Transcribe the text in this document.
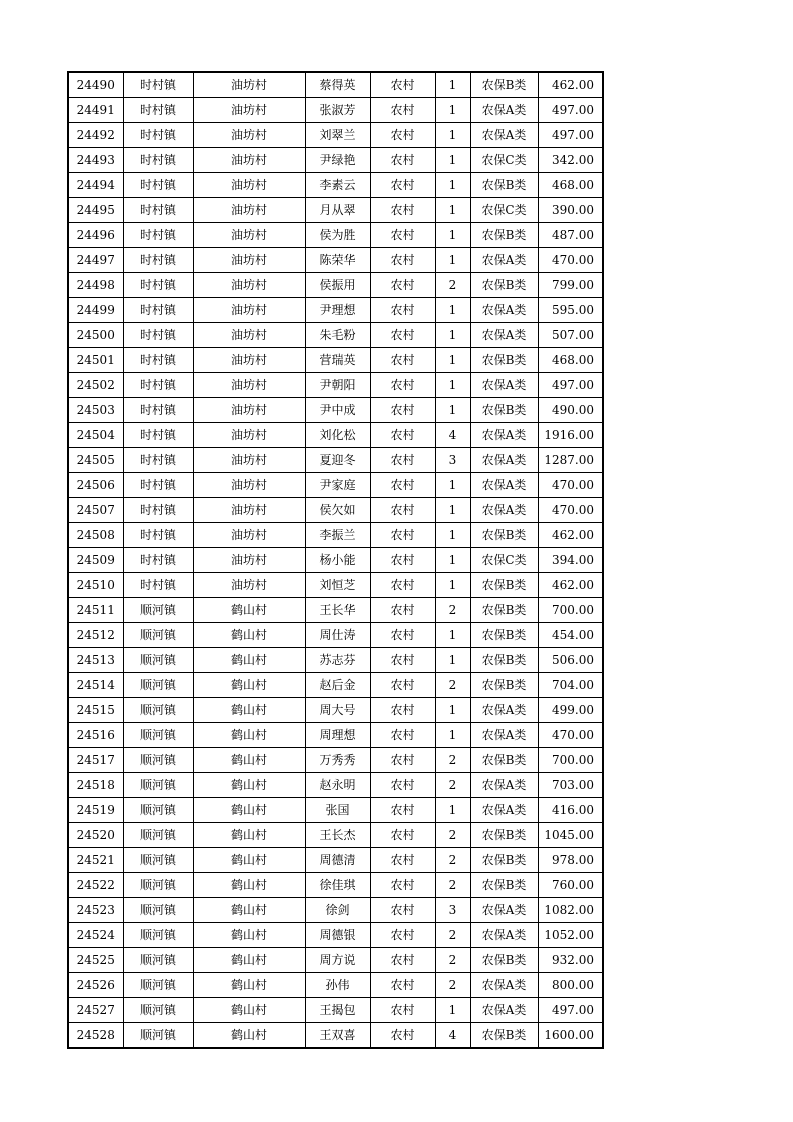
24490	时村镇	油坊村	蔡得英	农村	1	农保B类	462.00
24491	时村镇	油坊村	张淑芳	农村	1	农保A类	497.00
24492	时村镇	油坊村	刘翠兰	农村	1	农保A类	497.00
24493	时村镇	油坊村	尹绿艳	农村	1	农保C类	342.00
24494	时村镇	油坊村	李素云	农村	1	农保B类	468.00
24495	时村镇	油坊村	月从翠	农村	1	农保C类	390.00
24496	时村镇	油坊村	侯为胜	农村	1	农保B类	487.00
24497	时村镇	油坊村	陈荣华	农村	1	农保A类	470.00
24498	时村镇	油坊村	侯振用	农村	2	农保B类	799.00
24499	时村镇	油坊村	尹理想	农村	1	农保A类	595.00
24500	时村镇	油坊村	朱毛粉	农村	1	农保A类	507.00
24501	时村镇	油坊村	营瑞英	农村	1	农保B类	468.00
24502	时村镇	油坊村	尹朝阳	农村	1	农保A类	497.00
24503	时村镇	油坊村	尹中成	农村	1	农保B类	490.00
24504	时村镇	油坊村	刘化松	农村	4	农保A类	1916.00
24505	时村镇	油坊村	夏迎冬	农村	3	农保A类	1287.00
24506	时村镇	油坊村	尹家庭	农村	1	农保A类	470.00
24507	时村镇	油坊村	侯欠如	农村	1	农保A类	470.00
24508	时村镇	油坊村	李振兰	农村	1	农保B类	462.00
24509	时村镇	油坊村	杨小能	农村	1	农保C类	394.00
24510	时村镇	油坊村	刘恒芝	农村	1	农保B类	462.00
24511	顺河镇	鹤山村	王长华	农村	2	农保B类	700.00
24512	顺河镇	鹤山村	周仕涛	农村	1	农保B类	454.00
24513	顺河镇	鹤山村	苏志芬	农村	1	农保B类	506.00
24514	顺河镇	鹤山村	赵后金	农村	2	农保B类	704.00
24515	顺河镇	鹤山村	周大号	农村	1	农保A类	499.00
24516	顺河镇	鹤山村	周理想	农村	1	农保A类	470.00
24517	顺河镇	鹤山村	万秀秀	农村	2	农保B类	700.00
24518	顺河镇	鹤山村	赵永明	农村	2	农保A类	703.00
24519	顺河镇	鹤山村	张国	农村	1	农保A类	416.00
24520	顺河镇	鹤山村	王长杰	农村	2	农保B类	1045.00
24521	顺河镇	鹤山村	周德清	农村	2	农保B类	978.00
24522	顺河镇	鹤山村	徐佳琪	农村	2	农保B类	760.00
24523	顺河镇	鹤山村	徐剑	农村	3	农保A类	1082.00
24524	顺河镇	鹤山村	周德银	农村	2	农保A类	1052.00
24525	顺河镇	鹤山村	周方说	农村	2	农保B类	932.00
24526	顺河镇	鹤山村	孙伟	农村	2	农保A类	800.00
24527	顺河镇	鹤山村	王揭包	农村	1	农保A类	497.00
24528	顺河镇	鹤山村	王双喜	农村	4	农保B类	1600.00
